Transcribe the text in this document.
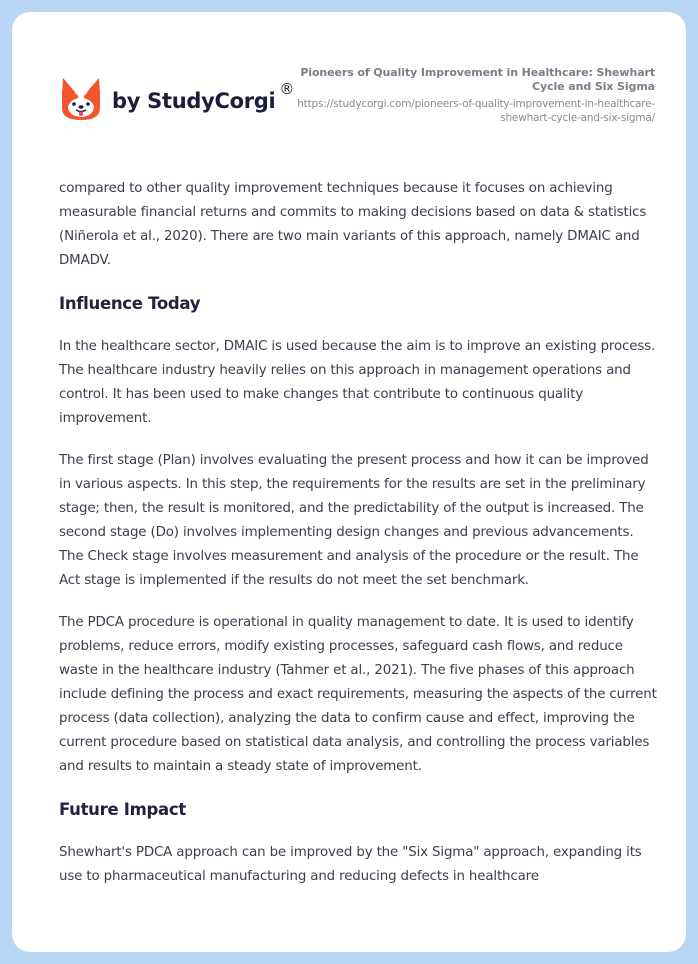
by StudyCorgi ®
Pioneers of Quality Improvement in Healthcare: Shewhart Cycle and Six Sigma
https://studycorgi.com/pioneers-of-quality-improvement-in-healthcare-shewhart-cycle-and-six-sigma/

compared to other quality improvement techniques because it focuses on achieving measurable financial returns and commits to making decisions based on data & statistics (Niñerola et al., 2020). There are two main variants of this approach, namely DMAIC and DMADV.

Influence Today

In the healthcare sector, DMAIC is used because the aim is to improve an existing process. The healthcare industry heavily relies on this approach in management operations and control. It has been used to make changes that contribute to continuous quality improvement.

The first stage (Plan) involves evaluating the present process and how it can be improved in various aspects. In this step, the requirements for the results are set in the preliminary stage; then, the result is monitored, and the predictability of the output is increased. The second stage (Do) involves implementing design changes and previous advancements. The Check stage involves measurement and analysis of the procedure or the result. The Act stage is implemented if the results do not meet the set benchmark.

The PDCA procedure is operational in quality management to date. It is used to identify problems, reduce errors, modify existing processes, safeguard cash flows, and reduce waste in the healthcare industry (Tahmer et al., 2021). The five phases of this approach include defining the process and exact requirements, measuring the aspects of the current process (data collection), analyzing the data to confirm cause and effect, improving the current procedure based on statistical data analysis, and controlling the process variables and results to maintain a steady state of improvement.

Future Impact

Shewhart's PDCA approach can be improved by the "Six Sigma" approach, expanding its use to pharmaceutical manufacturing and reducing defects in healthcare
